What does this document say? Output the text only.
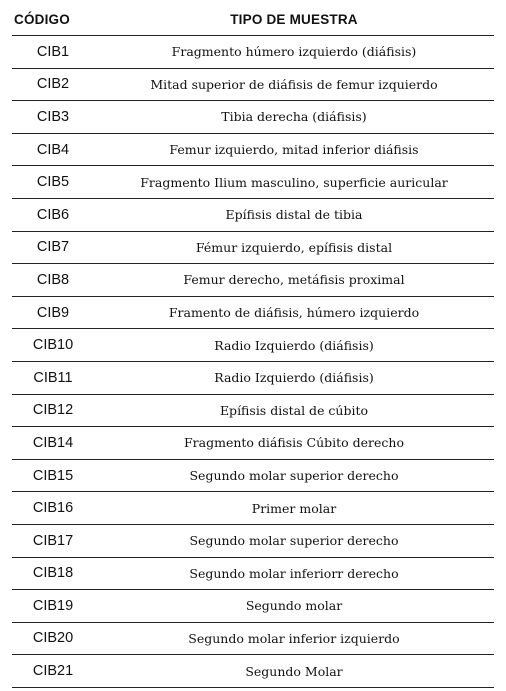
CÓDIGO	TIPO DE MUESTRA
CIB1	Fragmento húmero izquierdo (diáfisis)
CIB2	Mitad superior de diáfisis de femur izquierdo
CIB3	Tibia derecha (diáfisis)
CIB4	Femur izquierdo, mitad inferior diáfisis
CIB5	Fragmento Ilium masculino, superficie auricular
CIB6	Epífisis distal de tibia
CIB7	Fémur izquierdo, epífisis distal
CIB8	Femur derecho, metáfisis proximal
CIB9	Framento de diáfisis, húmero izquierdo
CIB10	Radio Izquierdo (diáfisis)
CIB11	Radio Izquierdo (diáfisis)
CIB12	Epífisis distal de cúbito
CIB14	Fragmento diáfisis Cúbito derecho
CIB15	Segundo molar superior derecho
CIB16	Primer molar
CIB17	Segundo molar superior derecho
CIB18	Segundo molar inferiorr derecho
CIB19	Segundo molar
CIB20	Segundo molar inferior izquierdo
CIB21	Segundo Molar
